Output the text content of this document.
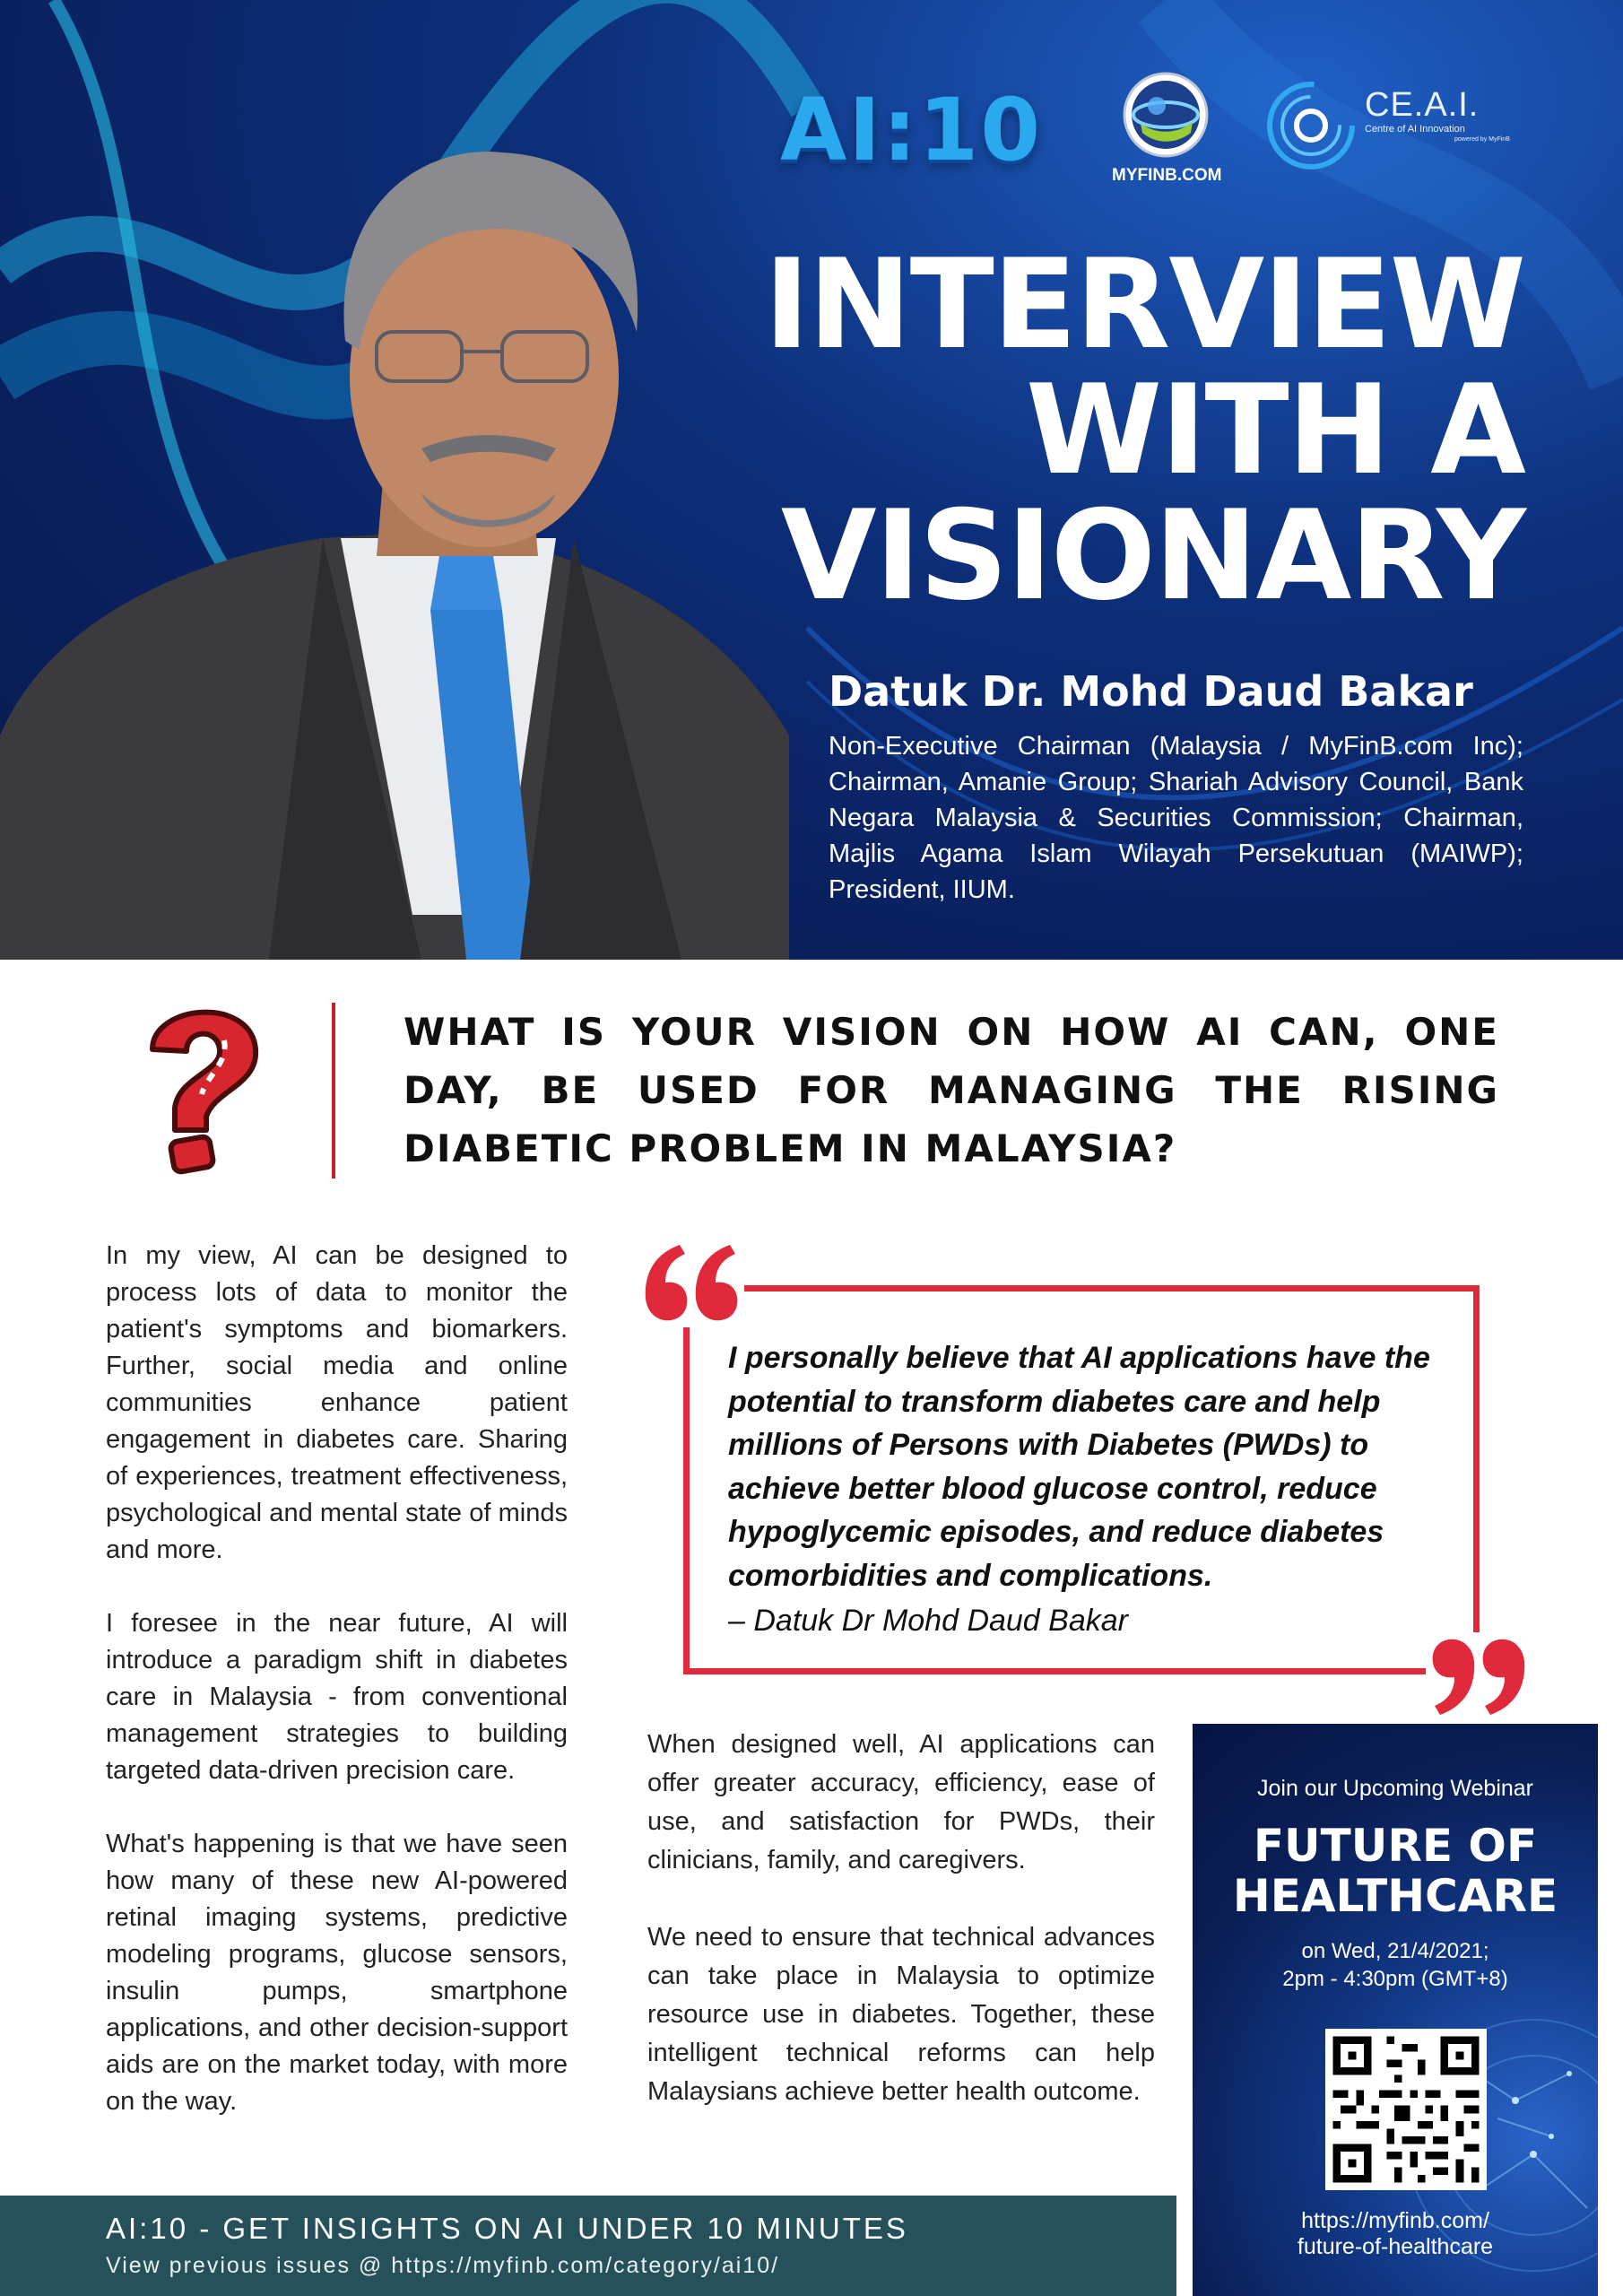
AI:10	MYFINB.COM
CE.A.I.
Centre of AI Innovation
powered by MyFinB
INTERVIEW
WITH A
VISIONARY
Datuk Dr. Mohd Daud Bakar
Non-Executive Chairman (Malaysia / MyFinB.com Inc); Chairman, Amanie Group; Shariah Advisory Council, Bank Negara Malaysia & Securities Commission; Chairman, Majlis Agama Islam Wilayah Persekutuan (MAIWP); President, IIUM.
WHAT IS YOUR VISION ON HOW AI CAN, ONE DAY, BE USED FOR MANAGING THE RISING DIABETIC PROBLEM IN MALAYSIA?

In my view, AI can be designed to process lots of data to monitor the patient's symptoms and biomarkers. Further, social media and online communities enhance patient engagement in diabetes care. Sharing of experiences, treatment effectiveness, psychological and mental state of minds and more.

I foresee in the near future, AI will introduce a paradigm shift in diabetes care in Malaysia - from conventional management strategies to building targeted data-driven precision care.

What's happening is that we have seen how many of these new AI-powered retinal imaging systems, predictive modeling programs, glucose sensors, insulin pumps, smartphone applications, and other decision-support aids are on the market today, with more on the way.

I personally believe that AI applications have the potential to transform diabetes care and help millions of Persons with Diabetes (PWDs) to achieve better blood glucose control, reduce hypoglycemic episodes, and reduce diabetes comorbidities and complications.
– Datuk Dr Mohd Daud Bakar

When designed well, AI applications can offer greater accuracy, efficiency, ease of use, and satisfaction for PWDs, their clinicians, family, and caregivers.

We need to ensure that technical advances can take place in Malaysia to optimize resource use in diabetes. Together, these intelligent technical reforms can help Malaysians achieve better health outcome.

Join our Upcoming Webinar
FUTURE OF
HEALTHCARE
on Wed, 21/4/2021;
2pm - 4:30pm (GMT+8)
https://myfinb.com/
future-of-healthcare
AI:10 - GET INSIGHTS ON AI UNDER 10 MINUTES
View previous issues @ https://myfinb.com/category/ai10/
